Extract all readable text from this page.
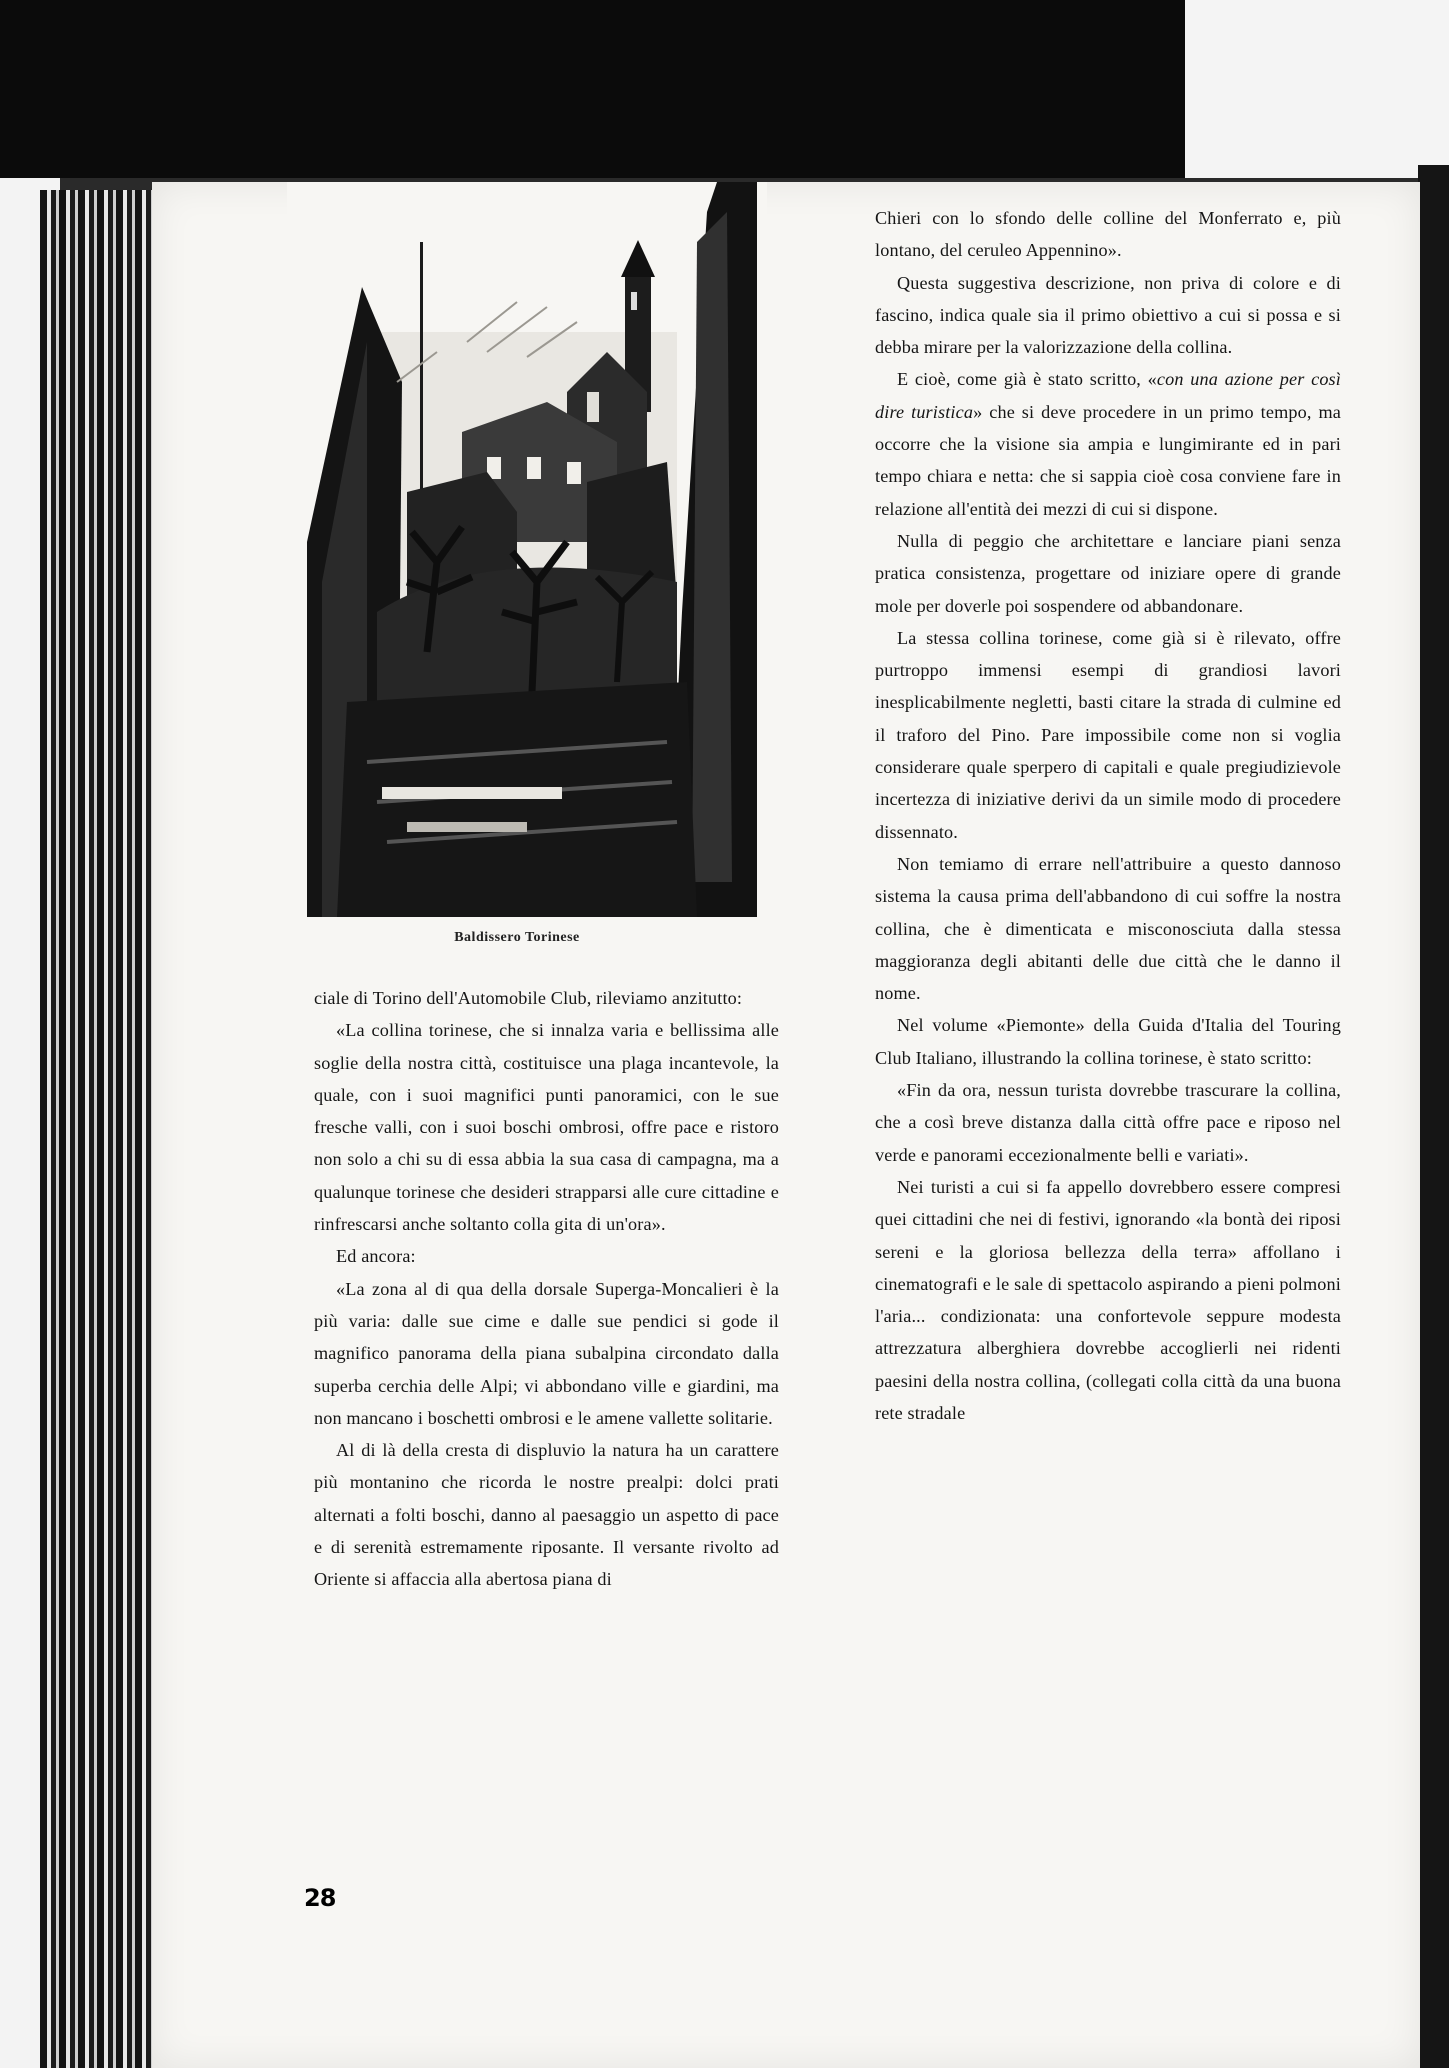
Baldissero Torinese

ciale di Torino dell'Automobile Club, rileviamo anzitutto:

«La collina torinese, che si innalza varia e bellissima alle soglie della nostra città, costituisce una plaga incantevole, la quale, con i suoi magnifici punti panoramici, con le sue fresche valli, con i suoi boschi ombrosi, offre pace e ristoro non solo a chi su di essa abbia la sua casa di campagna, ma a qualunque torinese che desideri strapparsi alle cure cittadine e rinfrescarsi anche soltanto colla gita di un'ora».

Ed ancora:

«La zona al di qua della dorsale Superga-Moncalieri è la più varia: dalle sue cime e dalle sue pendici si gode il magnifico panorama della piana subalpina circondato dalla superba cerchia delle Alpi; vi abbondano ville e giardini, ma non mancano i boschetti ombrosi e le amene vallette solitarie.

Al di là della cresta di displuvio la natura ha un carattere più montanino che ricorda le nostre prealpi: dolci prati alternati a folti boschi, danno al paesaggio un aspetto di pace e di serenità estremamente riposante. Il versante rivolto ad Oriente si affaccia alla abertosa piana di

Chieri con lo sfondo delle colline del Monferrato e, più lontano, del ceruleo Appennino».

Questa suggestiva descrizione, non priva di colore e di fascino, indica quale sia il primo obiettivo a cui si possa e si debba mirare per la valorizzazione della collina.

E cioè, come già è stato scritto, «con una azione per così dire turistica» che si deve procedere in un primo tempo, ma occorre che la visione sia ampia e lungimirante ed in pari tempo chiara e netta: che si sappia cioè cosa conviene fare in relazione all'entità dei mezzi di cui si dispone.

Nulla di peggio che architettare e lanciare piani senza pratica consistenza, progettare od iniziare opere di grande mole per doverle poi sospendere od abbandonare.

La stessa collina torinese, come già si è rilevato, offre purtroppo immensi esempi di grandiosi lavori inesplicabilmente negletti, basti citare la strada di culmine ed il traforo del Pino. Pare impossibile come non si voglia considerare quale sperpero di capitali e quale pregiudizievole incertezza di iniziative derivi da un simile modo di procedere dissennato.

Non temiamo di errare nell'attribuire a questo dannoso sistema la causa prima dell'abbandono di cui soffre la nostra collina, che è dimenticata e misconosciuta dalla stessa maggioranza degli abitanti delle due città che le danno il nome.

Nel volume «Piemonte» della Guida d'Italia del Touring Club Italiano, illustrando la collina torinese, è stato scritto:

«Fin da ora, nessun turista dovrebbe trascurare la collina, che a così breve distanza dalla città offre pace e riposo nel verde e panorami eccezionalmente belli e variati».

Nei turisti a cui si fa appello dovrebbero essere compresi quei cittadini che nei di festivi, ignorando «la bontà dei riposi sereni e la gloriosa bellezza della terra» affollano i cinematografi e le sale di spettacolo aspirando a pieni polmoni l'aria... condizionata: una confortevole seppure modesta attrezzatura alberghiera dovrebbe accoglierli nei ridenti paesini della nostra collina, (collegati colla città da una buona rete stradale

28
